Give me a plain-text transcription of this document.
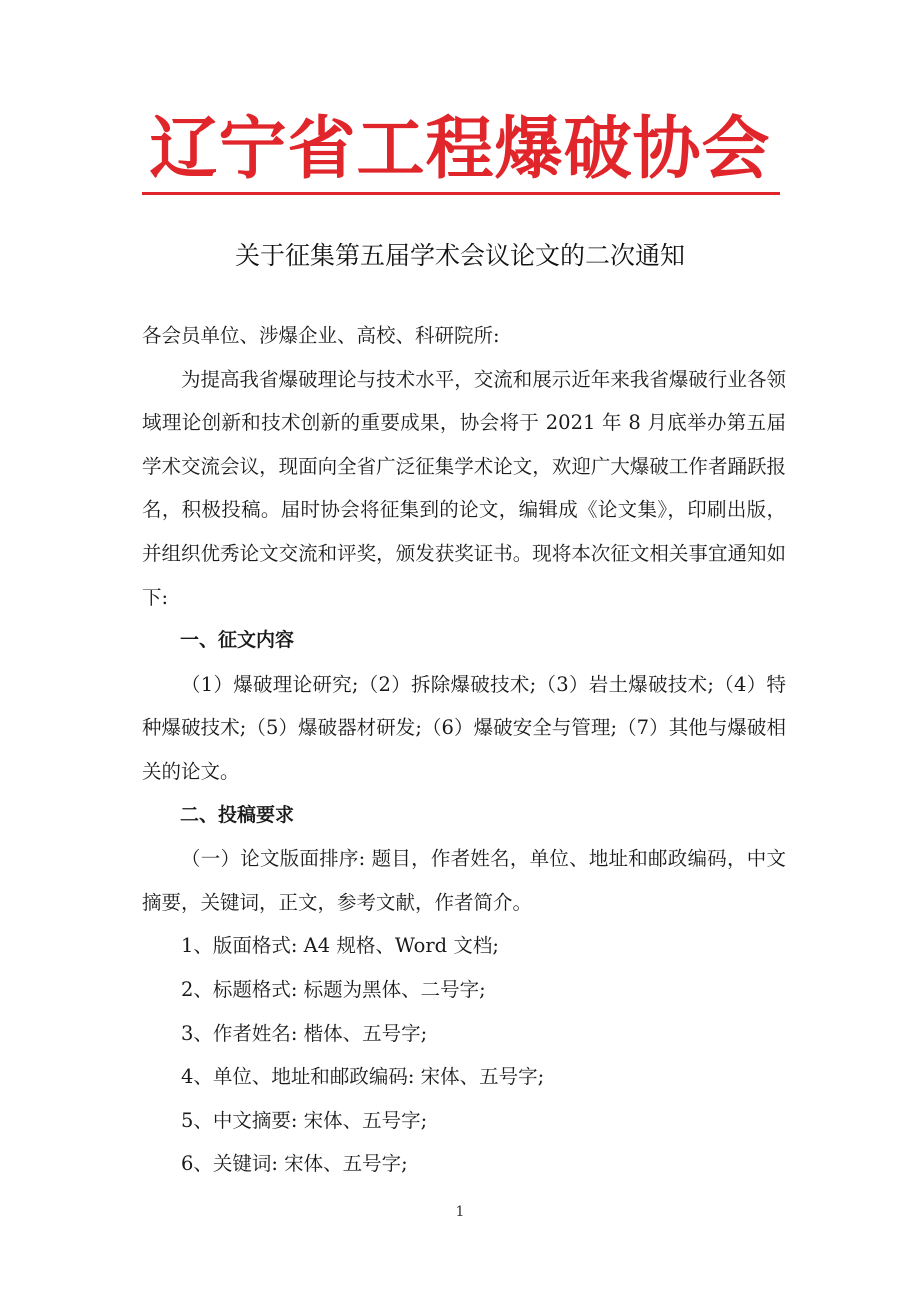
辽宁省工程爆破协会
关于征集第五届学术会议论文的二次通知

各会员单位、涉爆企业、高校、科研院所:

为提高我省爆破理论与技术水平，交流和展示近年来我省爆破行业各领域理论创新和技术创新的重要成果，协会将于 2021 年 8 月底举办第五届学术交流会议，现面向全省广泛征集学术论文，欢迎广大爆破工作者踊跃报名，积极投稿。届时协会将征集到的论文，编辑成《论文集》，印刷出版，并组织优秀论文交流和评奖，颁发获奖证书。现将本次征文相关事宜通知如下:

一、征文内容

（1）爆破理论研究;（2）拆除爆破技术;（3）岩土爆破技术;（4）特种爆破技术;（5）爆破器材研发;（6）爆破安全与管理;（7）其他与爆破相关的论文。

二、投稿要求

（一）论文版面排序: 题目，作者姓名，单位、地址和邮政编码，中文摘要，关键词，正文，参考文献，作者简介。

1、版面格式: A4 规格、Word 文档;

2、标题格式: 标题为黑体、二号字;

3、作者姓名: 楷体、五号字;

4、单位、地址和邮政编码: 宋体、五号字;

5、中文摘要: 宋体、五号字;

6、关键词: 宋体、五号字;

1
